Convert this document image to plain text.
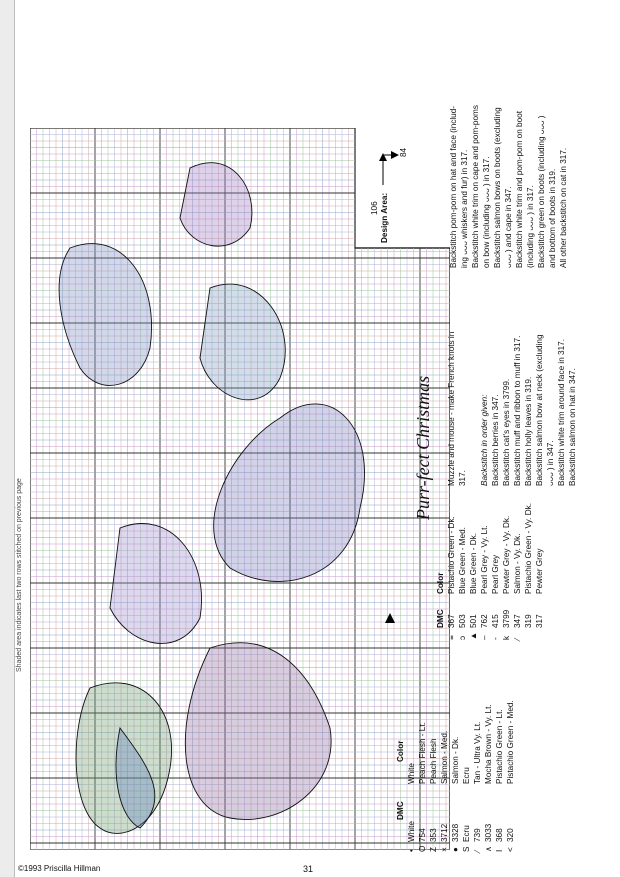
106
84
Design Area:
Shaded area indicates last two rows stitched on previous page
Purr-fect Christmas
DMC
Color
•
White
White
O
754
Peach Flesh - Lt.
Z
353
Peach Flesh
×
3712
Salmon - Med.
●
3328
Salmon - Dk.
S
Ecru
Ecru
⁄
739
Tan - Ultra Vy. Lt.
∧
3033
Mocha Brown - Vy. Lt.
I
368
Pistachio Green - Lt.
<
320
Pistachio Green - Med.
DMC
Color
≡
367
Pistachio Green - Dk.
ↄ
503
Blue Green - Med.
▲
501
Blue Green - Dk.
–
762
Pearl Grey - Vy. Lt.
-
415
Pearl Grey
k
3799
Pewter Grey - Vy. Dk.
⁄
347
Salmon - Vy. Dk.
319
Pistachio Green - Vy. Dk.
317
Pewter Grey
Muzzle and mouse - make French knots in 317.
Backstitch in order given: Backstitch berries in 347. Backstitch cat's eyes in 3799. Backstitch muff and ribbon to muff in 317. Backstitch holly leaves in 319. Backstitch salmon bow at neck (excluding ᴗᴗᴗ ) in 347. Backstitch white trim around face in 317. Backstitch salmon on hat in 347.
Backstitch pom-pom on hat and face (includ- ing ᴗᴗᴗ whiskers and fur) in 317. Backstitch white trim on cape and pom-poms on bow (including ᴗᴗᴗ ) in 317. Backstitch salmon bows on boots (excluding ᴗᴗᴗ ) and cape in 347. Backstitch white trim and pom-pom on boot (including ᴗᴗᴗ ) in 317. Backstitch green on boots (including ᴗᴗᴗ ) and bottom of boots in 319. All other backstitch on cat in 317.
©1993 Priscilla Hillman	31
